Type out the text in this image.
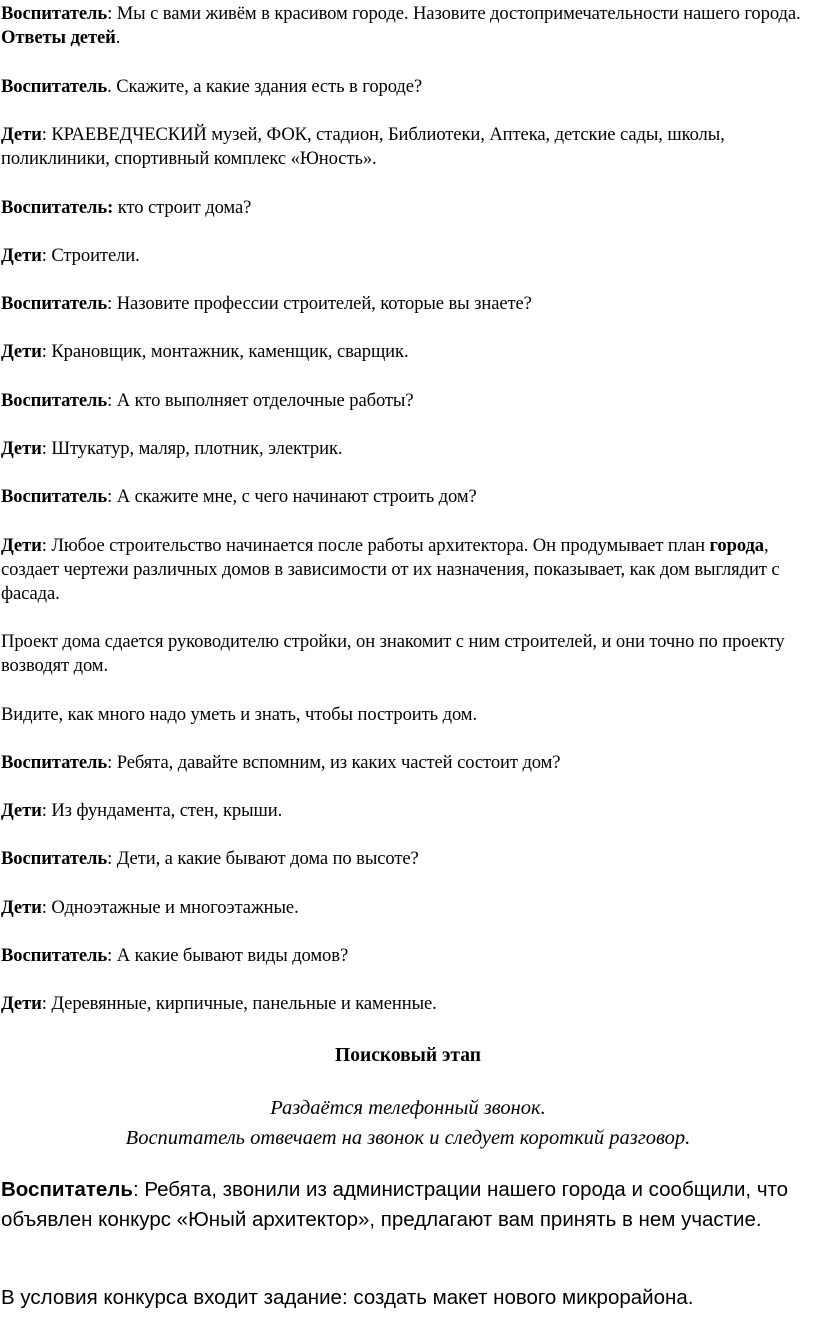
Воспитатель: Мы с вами живём в красивом городе. Назовите достопримечательности нашего города. Ответы детей.

Воспитатель. Скажите, а какие здания есть в городе?

Дети: КРАЕВЕДЧЕСКИЙ музей, ФОК, стадион, Библиотеки, Аптека, детские сады, школы, поликлиники, спортивный комплекс «Юность».

Воспитатель: кто строит дома?

Дети: Строители.

Воспитатель: Назовите профессии строителей, которые вы знаете?

Дети: Крановщик, монтажник, каменщик, сварщик.

Воспитатель: А кто выполняет отделочные работы?

Дети: Штукатур, маляр, плотник, электрик.

Воспитатель: А скажите мне, с чего начинают строить дом?

Дети: Любое строительство начинается после работы архитектора. Он продумывает план города, создает чертежи различных домов в зависимости от их назначения, показывает, как дом выглядит с фасада.

Проект дома сдается руководителю стройки, он знакомит с ним строителей, и они точно по проекту возводят дом.

Видите, как много надо уметь и знать, чтобы построить дом.

Воспитатель: Ребята, давайте вспомним, из каких частей состоит дом?

Дети: Из фундамента, стен, крыши.

Воспитатель: Дети, а какие бывают дома по высоте?

Дети: Одноэтажные и многоэтажные.

Воспитатель: А какие бывают виды домов?

Дети: Деревянные, кирпичные, панельные и каменные.

Поисковый этап

Раздаётся телефонный звонок.

Воспитатель отвечает на звонок и следует короткий разговор.

Воспитатель: Ребята, звонили из администрации нашего города и сообщили, что объявлен конкурс «Юный архитектор», предлагают вам принять в нем участие.

В условия конкурса входит задание: создать макет нового микрорайона.
